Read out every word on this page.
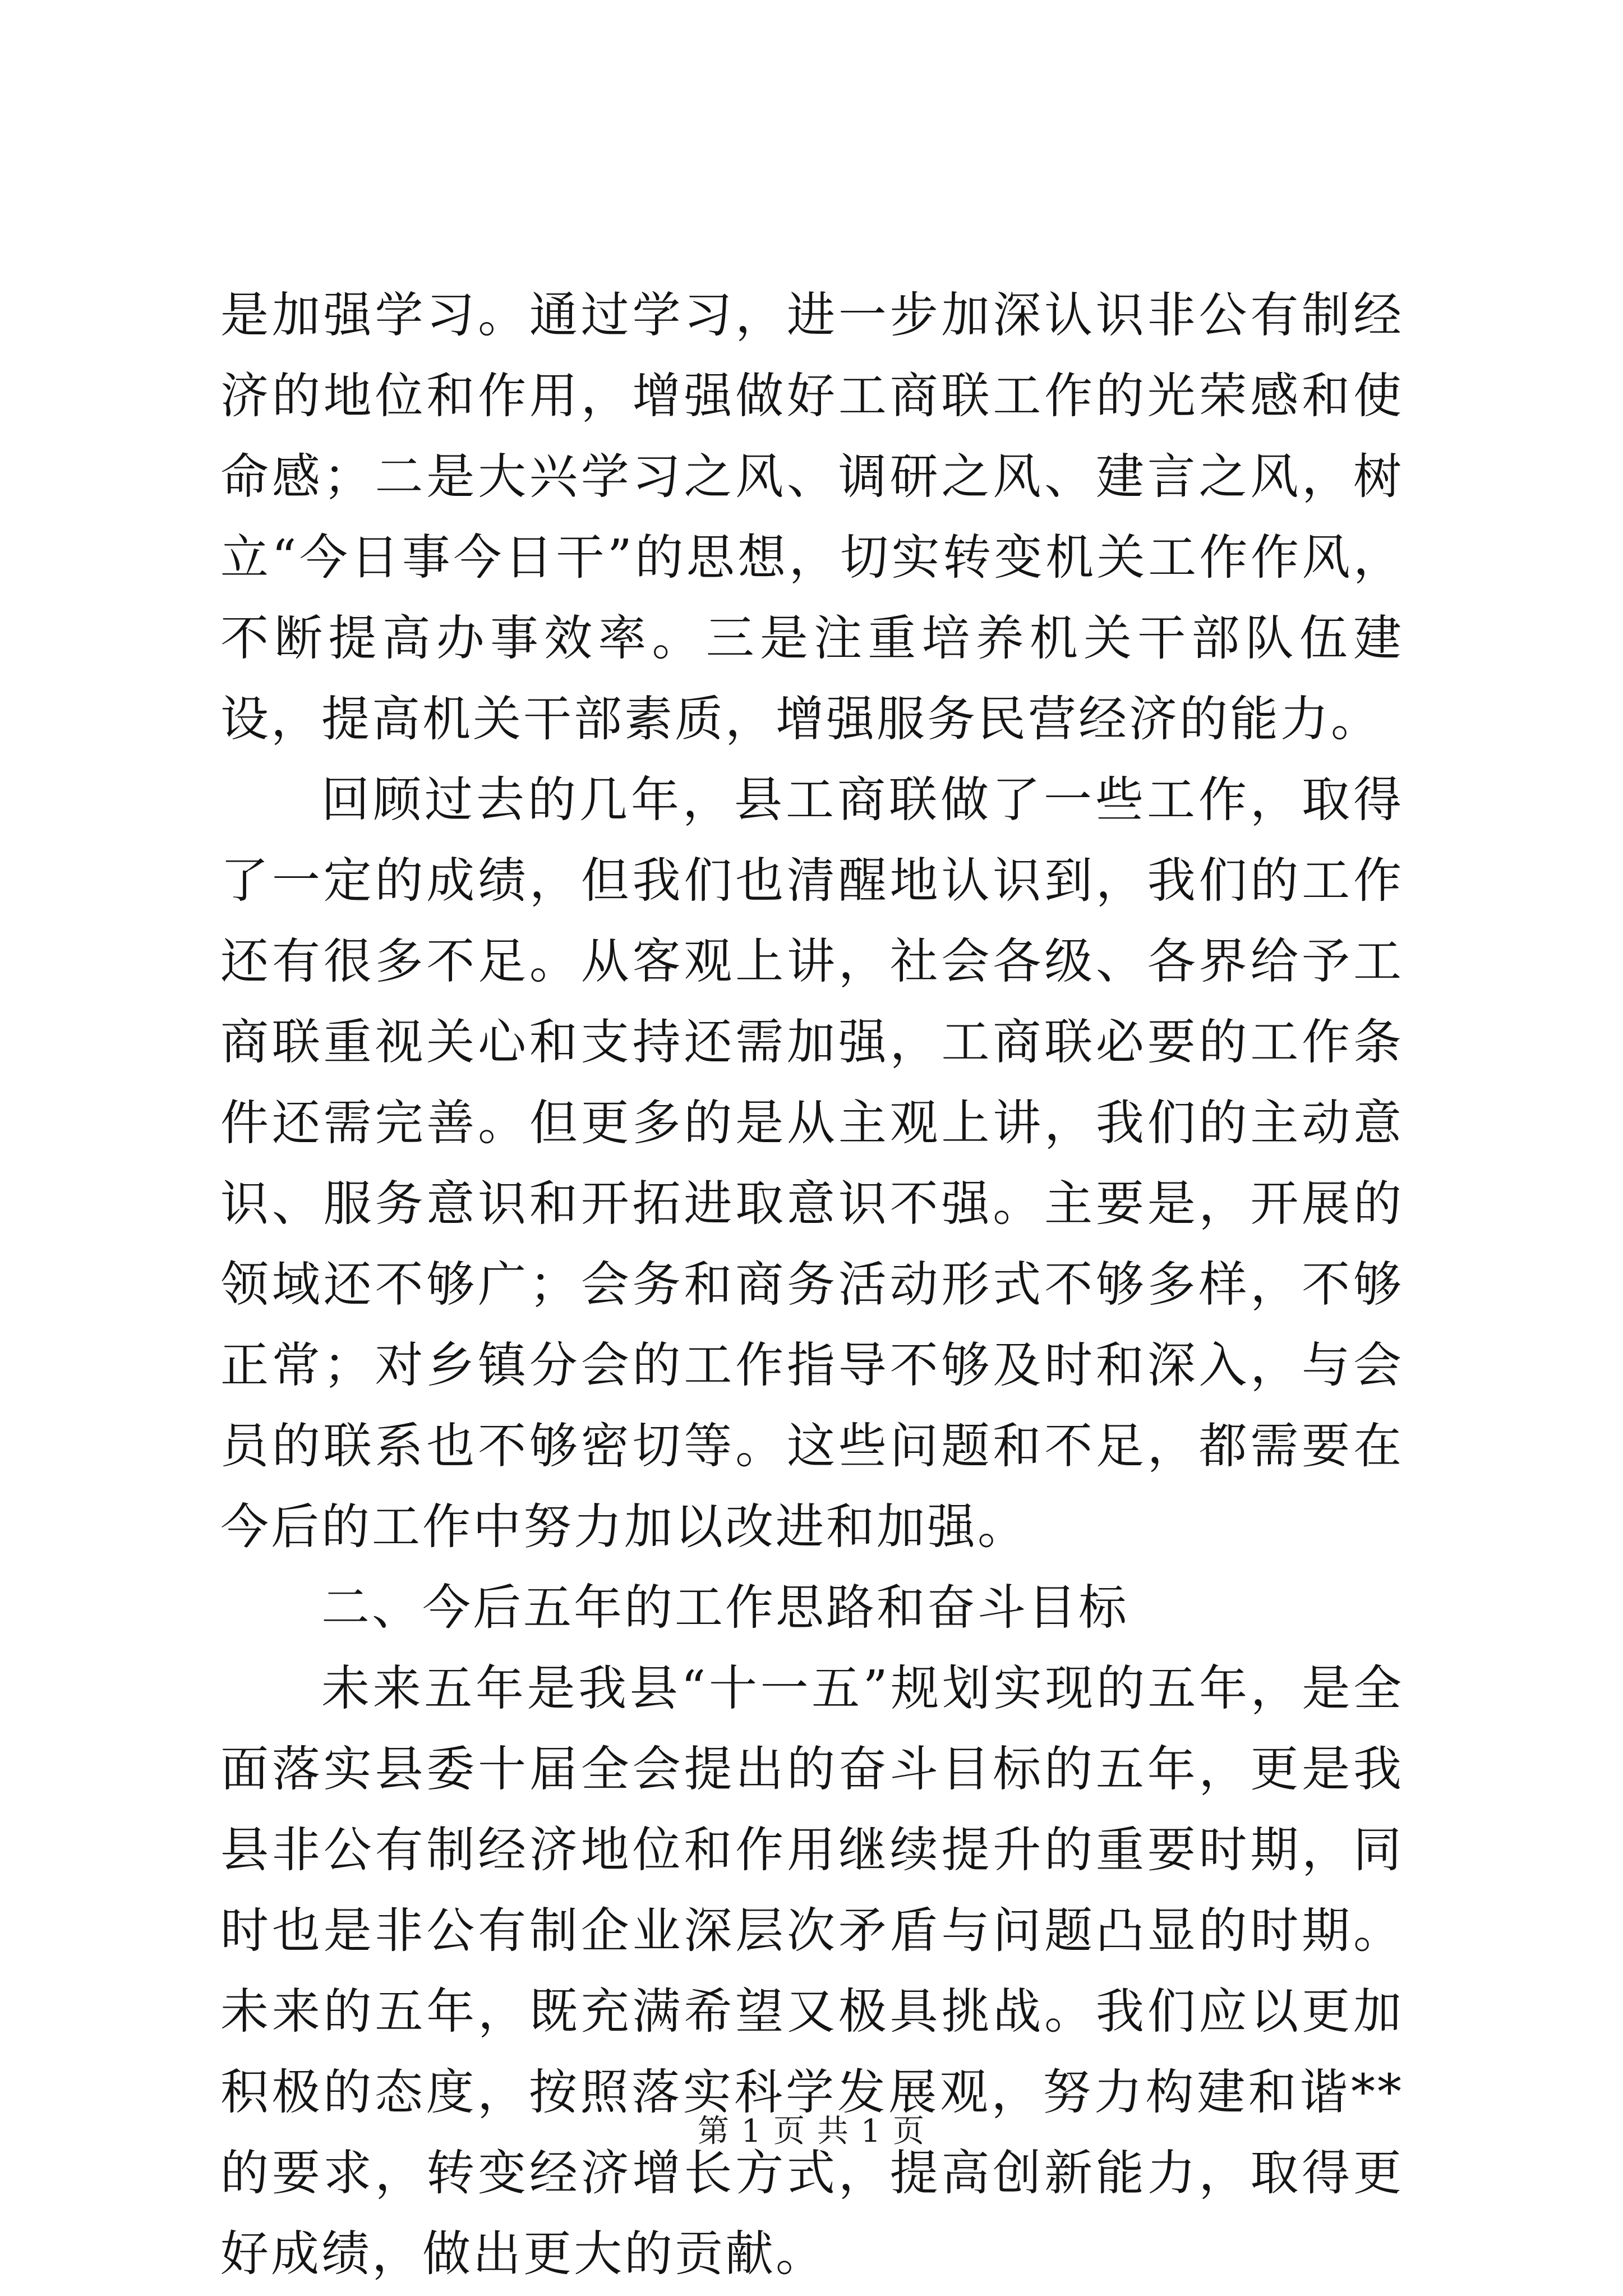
是加强学习。通过学习，进一步加深认识非公有制经济的地位和作用，增强做好工商联工作的光荣感和使命感；二是大兴学习之风、调研之风、建言之风，树立“今日事今日干”的思想，切实转变机关工作作风，不断提高办事效率。三是注重培养机关干部队伍建设，提高机关干部素质，增强服务民营经济的能力。

回顾过去的几年，县工商联做了一些工作，取得了一定的成绩，但我们也清醒地认识到，我们的工作还有很多不足。从客观上讲，社会各级、各界给予工商联重视关心和支持还需加强，工商联必要的工作条件还需完善。但更多的是从主观上讲，我们的主动意识、服务意识和开拓进取意识不强。主要是，开展的领域还不够广；会务和商务活动形式不够多样，不够正常；对乡镇分会的工作指导不够及时和深入，与会员的联系也不够密切等。这些问题和不足，都需要在今后的工作中努力加以改进和加强。

二、今后五年的工作思路和奋斗目标

未来五年是我县“十一五”规划实现的五年，是全面落实县委十届全会提出的奋斗目标的五年，更是我县非公有制经济地位和作用继续提升的重要时期，同时也是非公有制企业深层次矛盾与问题凸显的时期。未来的五年，既充满希望又极具挑战。我们应以更加积极的态度，按照落实科学发展观，努力构建和谐**的要求，转变经济增长方式，提高创新能力，取得更好成绩，做出更大的贡献。

第 1 页 共 1 页
